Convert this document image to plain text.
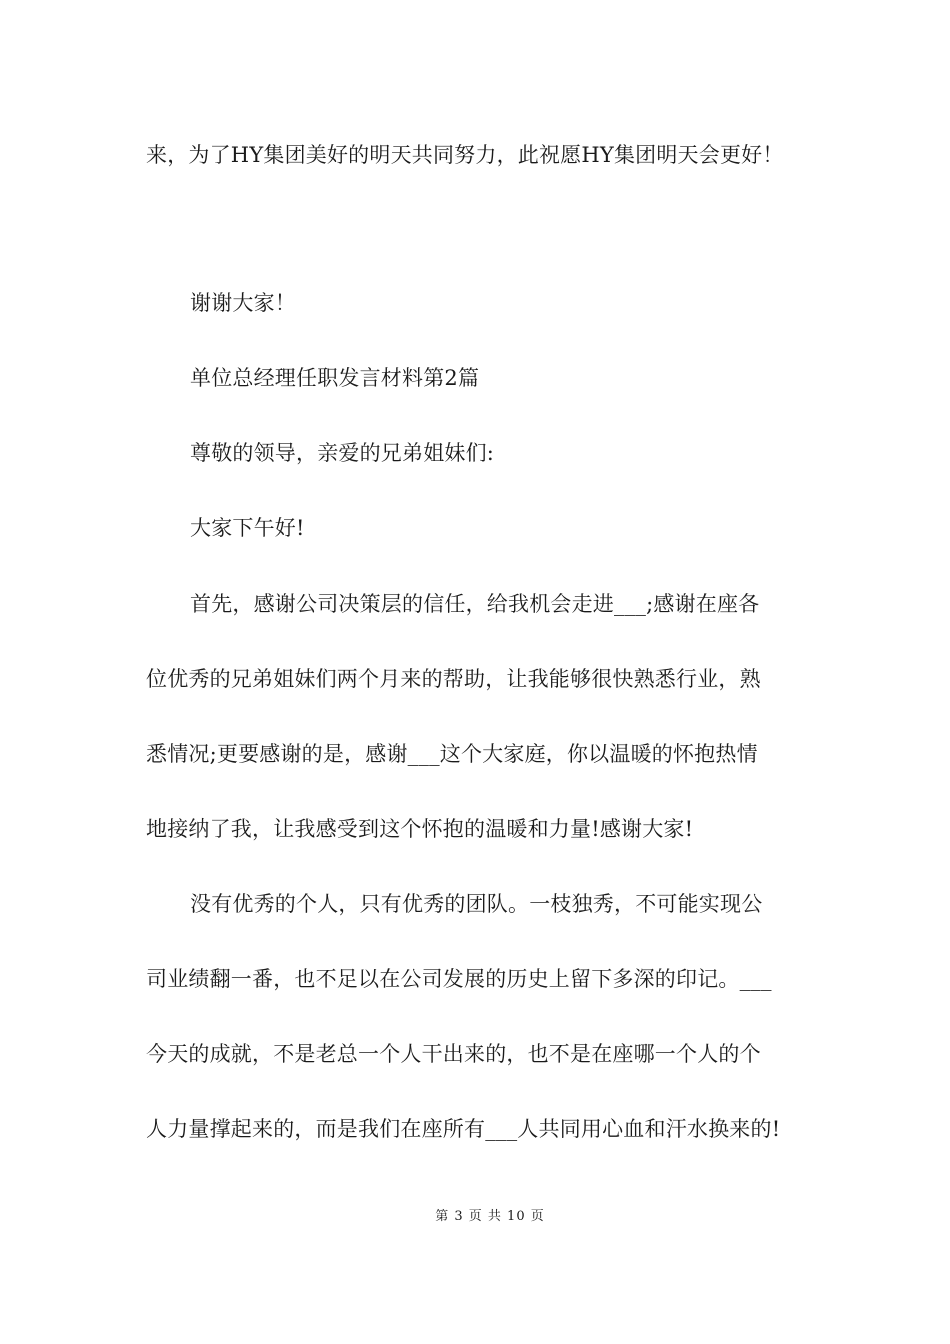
来，为了HY集团美好的明天共同努力，此祝愿HY集团明天会更好！
谢谢大家！
单位总经理任职发言材料第2篇
尊敬的领导，亲爱的兄弟姐妹们:
大家下午好!
首先，感谢公司决策层的信任，给我机会走进___;感谢在座各
位优秀的兄弟姐妹们两个月来的帮助，让我能够很快熟悉行业，熟
悉情况;更要感谢的是，感谢___这个大家庭，你以温暖的怀抱热情
地接纳了我，让我感受到这个怀抱的温暖和力量!感谢大家!
没有优秀的个人，只有优秀的团队。一枝独秀，不可能实现公
司业绩翻一番，也不足以在公司发展的历史上留下多深的印记。___
今天的成就，不是老总一个人干出来的，也不是在座哪一个人的个
人力量撑起来的，而是我们在座所有___人共同用心血和汗水换来的!
第 3 页 共 10 页
